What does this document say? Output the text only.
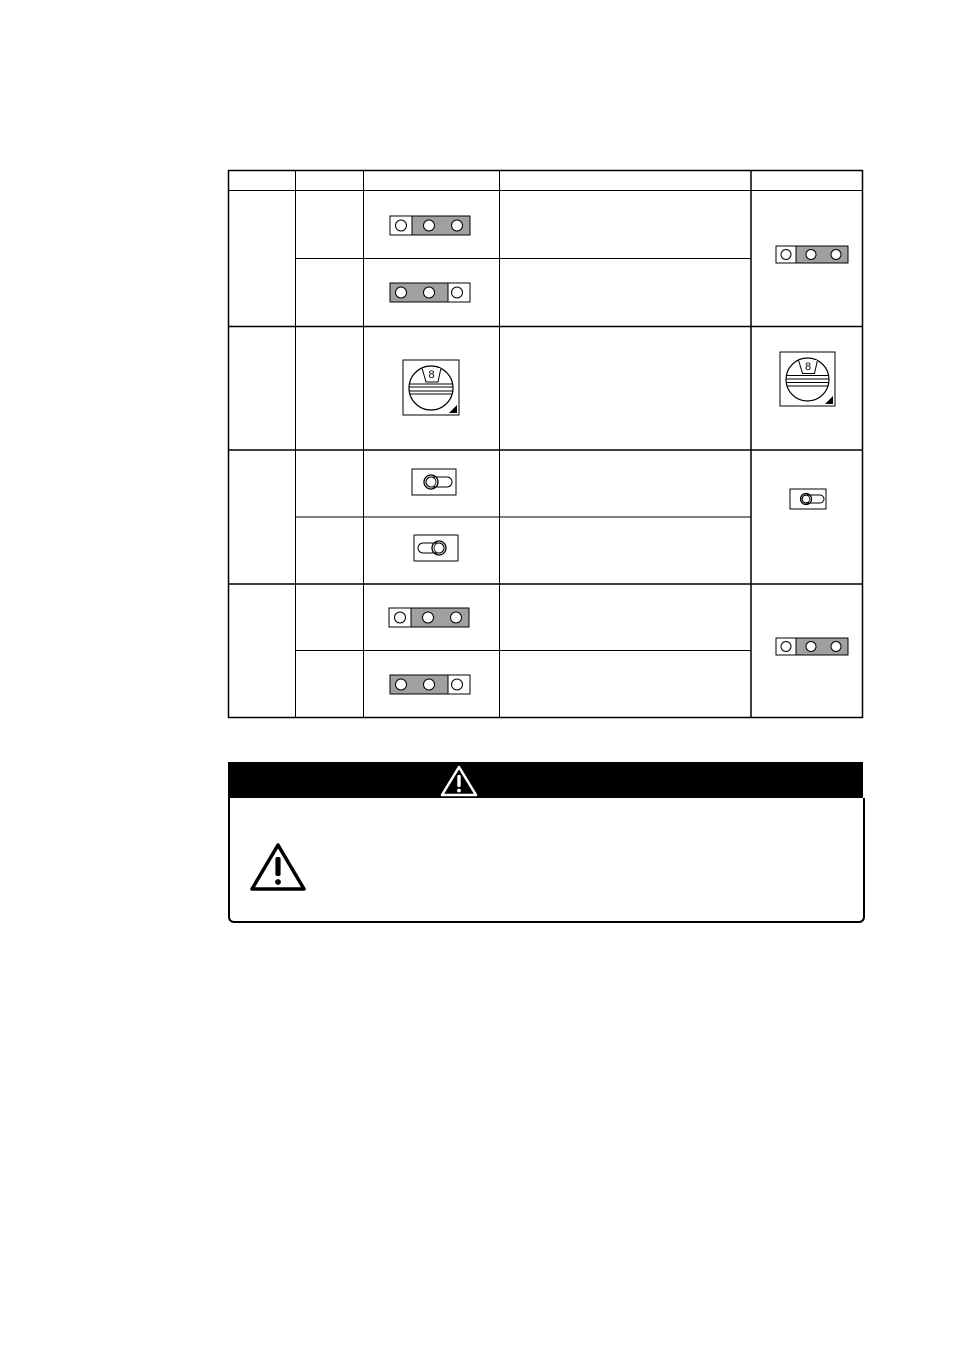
8
8
